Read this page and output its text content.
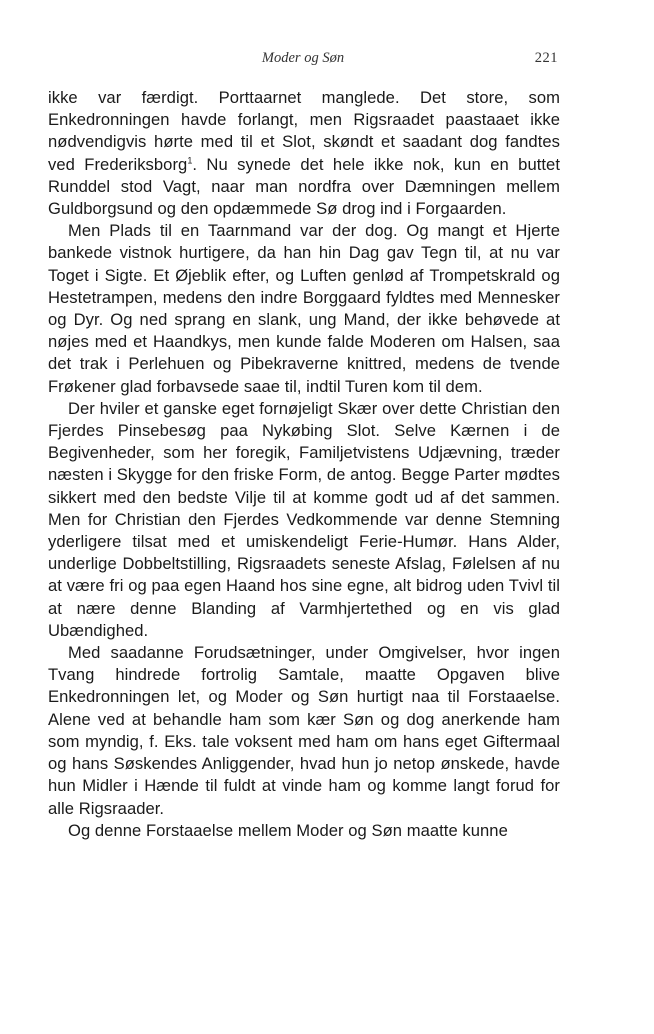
Moder og Søn	221

ikke var færdigt. Porttaarnet manglede. Det store, som Enkedronningen havde forlangt, men Rigsraadet paastaaet ikke nødvendigvis hørte med til et Slot, skøndt et saadant dog fandtes ved Frederiksborg$^1$. Nu synede det hele ikke nok, kun en buttet Runddel stod Vagt, naar man nordfra over Dæmningen mellem Guldborgsund og den opdæmmede Sø drog ind i Forgaarden.

Men Plads til en Taarnmand var der dog. Og mangt et Hjerte bankede vistnok hurtigere, da han hin Dag gav Tegn til, at nu var Toget i Sigte. Et Øjeblik efter, og Luften genlød af Trompetskrald og Hestetrampen, medens den indre Borggaard fyldtes med Mennesker og Dyr. Og ned sprang en slank, ung Mand, der ikke behøvede at nøjes med et Haandkys, men kunde falde Moderen om Halsen, saa det trak i Perlehuen og Pibekraverne knittred, medens de tvende Frøkener glad forbavsede saae til, indtil Turen kom til dem.

Der hviler et ganske eget fornøjeligt Skær over dette Christian den Fjerdes Pinsebesøg paa Nykøbing Slot. Selve Kærnen i de Begivenheder, som her foregik, Familjetvistens Udjævning, træder næsten i Skygge for den friske Form, de antog. Begge Parter mødtes sikkert med den bedste Vilje til at komme godt ud af det sammen. Men for Christian den Fjerdes Vedkommende var denne Stemning yderligere tilsat med et umiskendeligt Ferie-Humør. Hans Alder, underlige Dobbeltstilling, Rigsraadets seneste Afslag, Følelsen af nu at være fri og paa egen Haand hos sine egne, alt bidrog uden Tvivl til at nære denne Blanding af Varmhjertethed og en vis glad Ubændighed.

Med saadanne Forudsætninger, under Omgivelser, hvor ingen Tvang hindrede fortrolig Samtale, maatte Opgaven blive Enkedronningen let, og Moder og Søn hurtigt naa til Forstaaelse. Alene ved at behandle ham som kær Søn og dog anerkende ham som myndig, f. Eks. tale voksent med ham om hans eget Giftermaal og hans Søskendes Anliggender, hvad hun jo netop ønskede, havde hun Midler i Hænde til fuldt at vinde ham og komme langt forud for alle Rigsraader.

Og denne Forstaaelse mellem Moder og Søn maatte kunne
